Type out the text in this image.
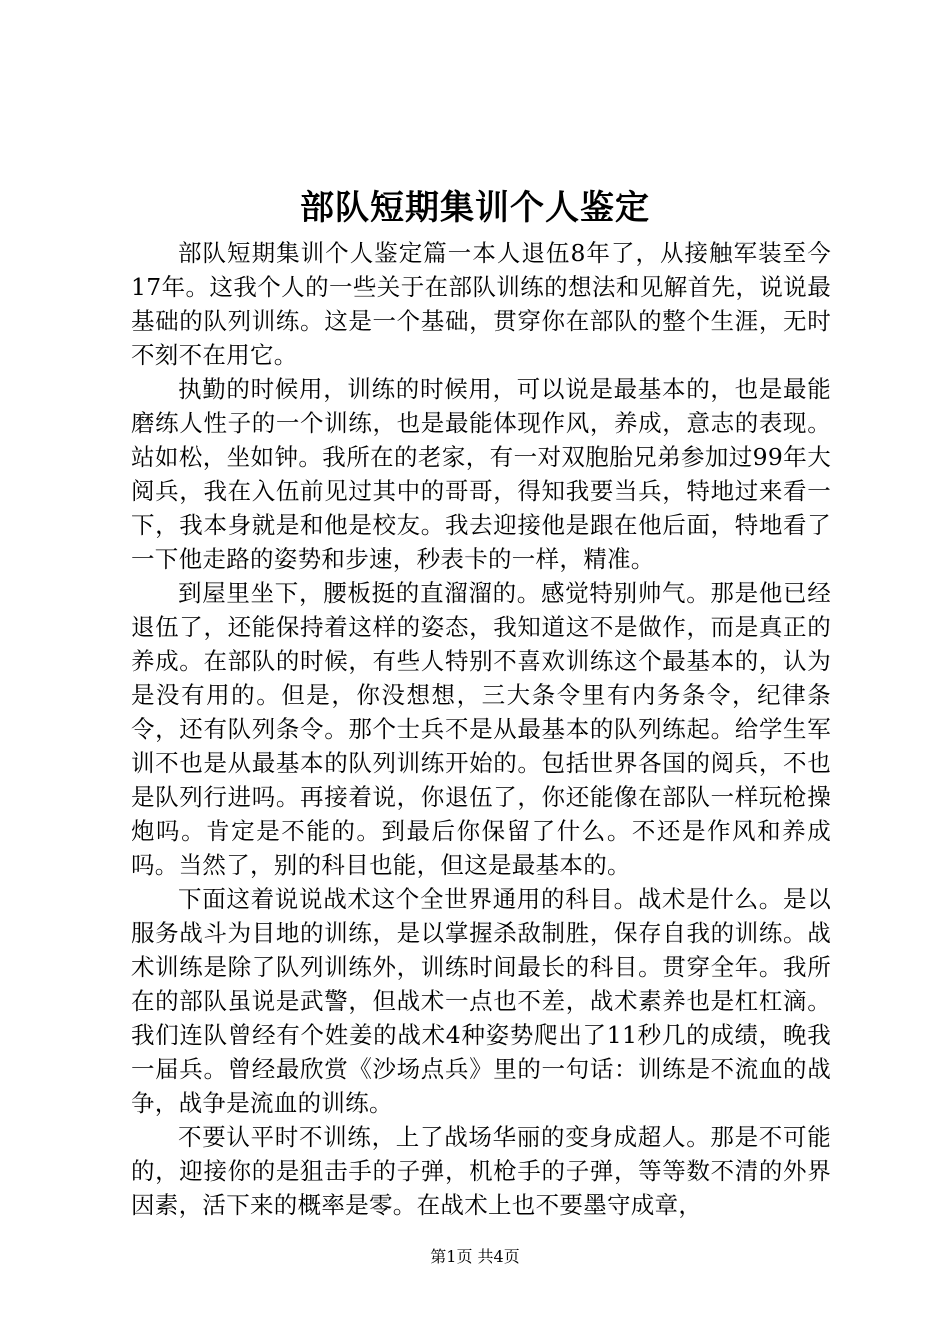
部队短期集训个人鉴定

部队短期集训个人鉴定篇一本人退伍8年了，从接触军装至今17年。这我个人的一些关于在部队训练的想法和见解首先，说说最基础的队列训练。这是一个基础，贯穿你在部队的整个生涯，无时不刻不在用它。

执勤的时候用，训练的时候用，可以说是最基本的，也是最能磨练人性子的一个训练，也是最能体现作风，养成，意志的表现。站如松，坐如钟。我所在的老家，有一对双胞胎兄弟参加过99年大阅兵，我在入伍前见过其中的哥哥，得知我要当兵，特地过来看一下，我本身就是和他是校友。我去迎接他是跟在他后面，特地看了一下他走路的姿势和步速，秒表卡的一样，精准。

到屋里坐下，腰板挺的直溜溜的。感觉特别帅气。那是他已经退伍了，还能保持着这样的姿态，我知道这不是做作，而是真正的养成。在部队的时候，有些人特别不喜欢训练这个最基本的，认为是没有用的。但是，你没想想，三大条令里有内务条令，纪律条令，还有队列条令。那个士兵不是从最基本的队列练起。给学生军训不也是从最基本的队列训练开始的。包括世界各国的阅兵，不也是队列行进吗。再接着说，你退伍了，你还能像在部队一样玩枪操炮吗。肯定是不能的。到最后你保留了什么。不还是作风和养成吗。当然了，别的科目也能，但这是最基本的。

下面这着说说战术这个全世界通用的科目。战术是什么。是以服务战斗为目地的训练，是以掌握杀敌制胜，保存自我的训练。战术训练是除了队列训练外，训练时间最长的科目。贯穿全年。我所在的部队虽说是武警，但战术一点也不差，战术素养也是杠杠滴。我们连队曾经有个姓姜的战术4种姿势爬出了11秒几的成绩，晚我一届兵。曾经最欣赏《沙场点兵》里的一句话：训练是不流血的战争，战争是流血的训练。

不要认平时不训练，上了战场华丽的变身成超人。那是不可能的，迎接你的是狙击手的子弹，机枪手的子弹，等等数不清的外界因素，活下来的概率是零。在战术上也不要墨守成章，

第1页 共4页
